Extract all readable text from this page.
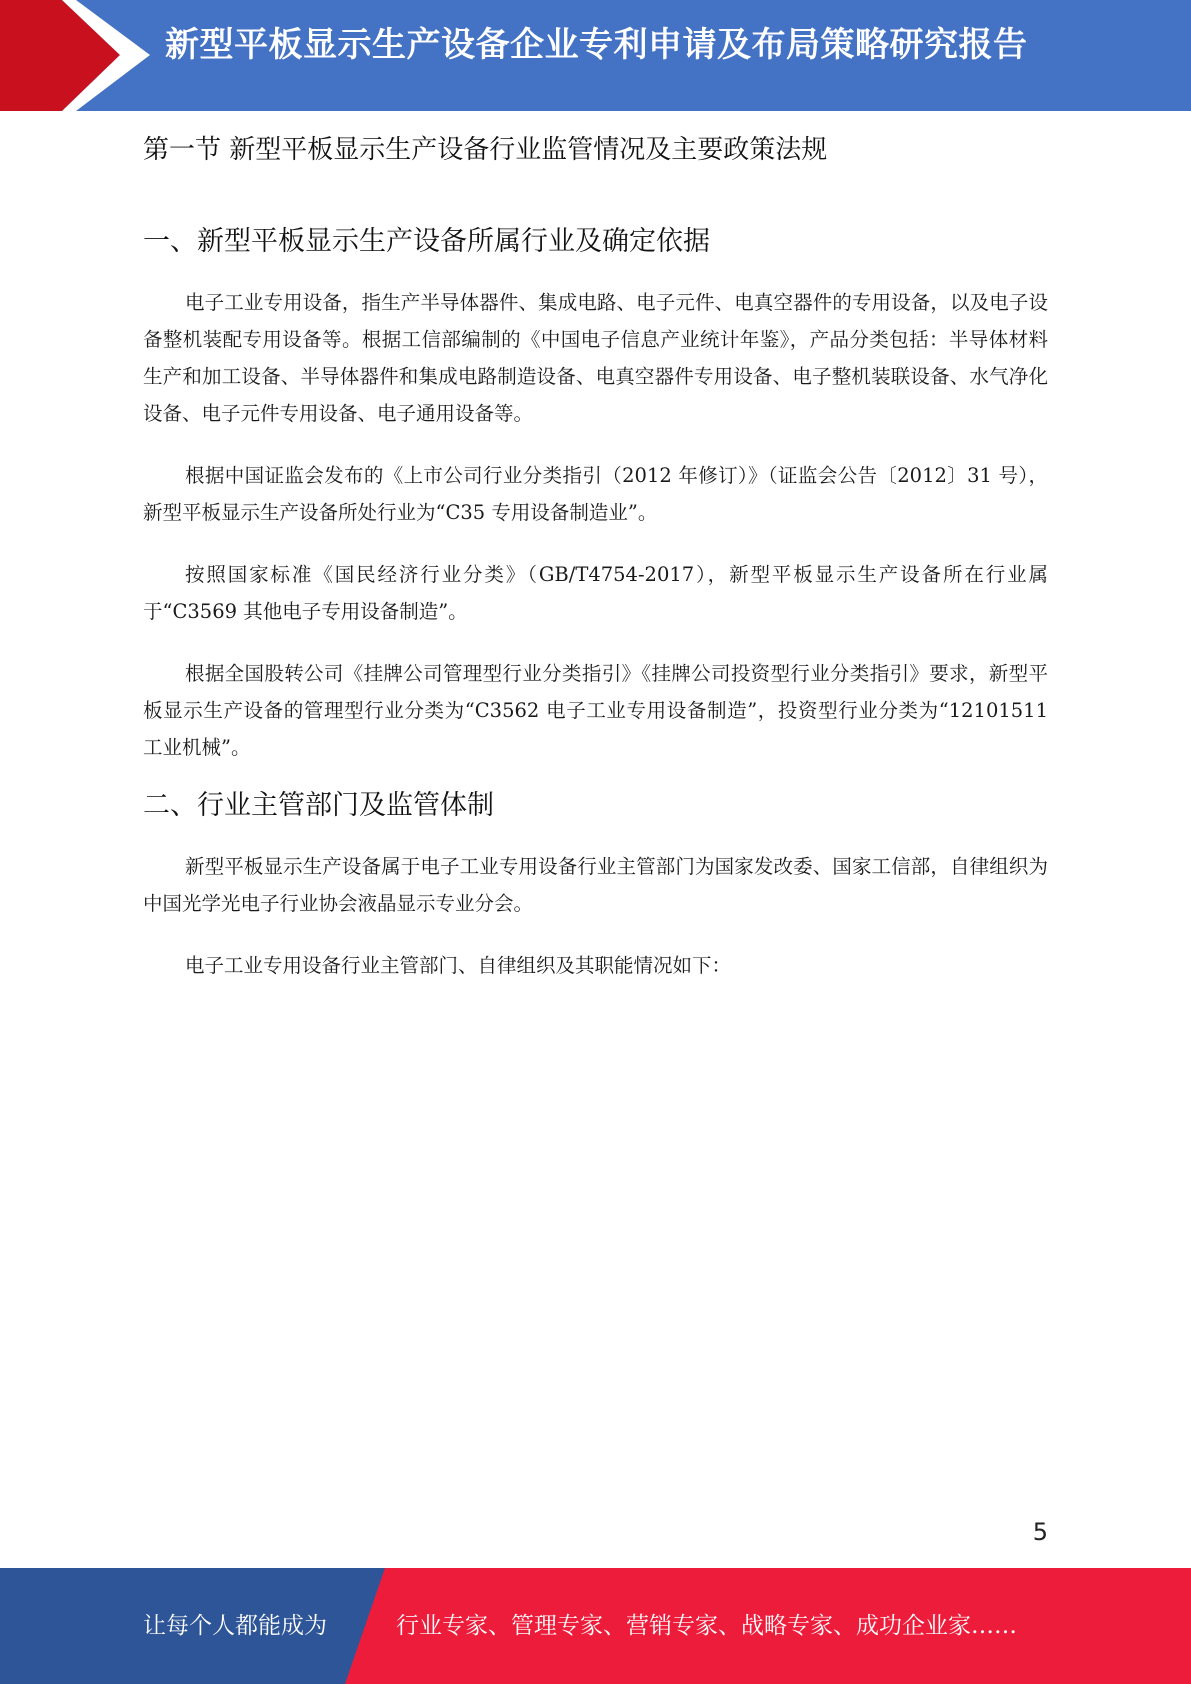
新型平板显示生产设备企业专利申请及布局策略研究报告
第一节 新型平板显示生产设备行业监管情况及主要政策法规
一、新型平板显示生产设备所属行业及确定依据

电子工业专用设备，指生产半导体器件、集成电路、电子元件、电真空器件的专用设备，以及电子设备整机装配专用设备等。根据工信部编制的《中国电子信息产业统计年鉴》，产品分类包括：半导体材料生产和加工设备、半导体器件和集成电路制造设备、电真空器件专用设备、电子整机装联设备、水气净化设备、电子元件专用设备、电子通用设备等。

根据中国证监会发布的《上市公司行业分类指引（2012 年修订）》（证监会公告〔2012〕31 号），新型平板显示生产设备所处行业为“C35 专用设备制造业”。

按照国家标准《国民经济行业分类》（GB/T4754-2017），新型平板显示生产设备所在行业属于“C3569 其他电子专用设备制造”。

根据全国股转公司《挂牌公司管理型行业分类指引》《挂牌公司投资型行业分类指引》要求，新型平板显示生产设备的管理型行业分类为“C3562 电子工业专用设备制造”，投资型行业分类为“12101511 工业机械”。

二、行业主管部门及监管体制

新型平板显示生产设备属于电子工业专用设备行业主管部门为国家发改委、国家工信部，自律组织为中国光学光电子行业协会液晶显示专业分会。

电子工业专用设备行业主管部门、自律组织及其职能情况如下：

5

让每个人都能成为	行业专家、管理专家、营销专家、战略专家、成功企业家……
